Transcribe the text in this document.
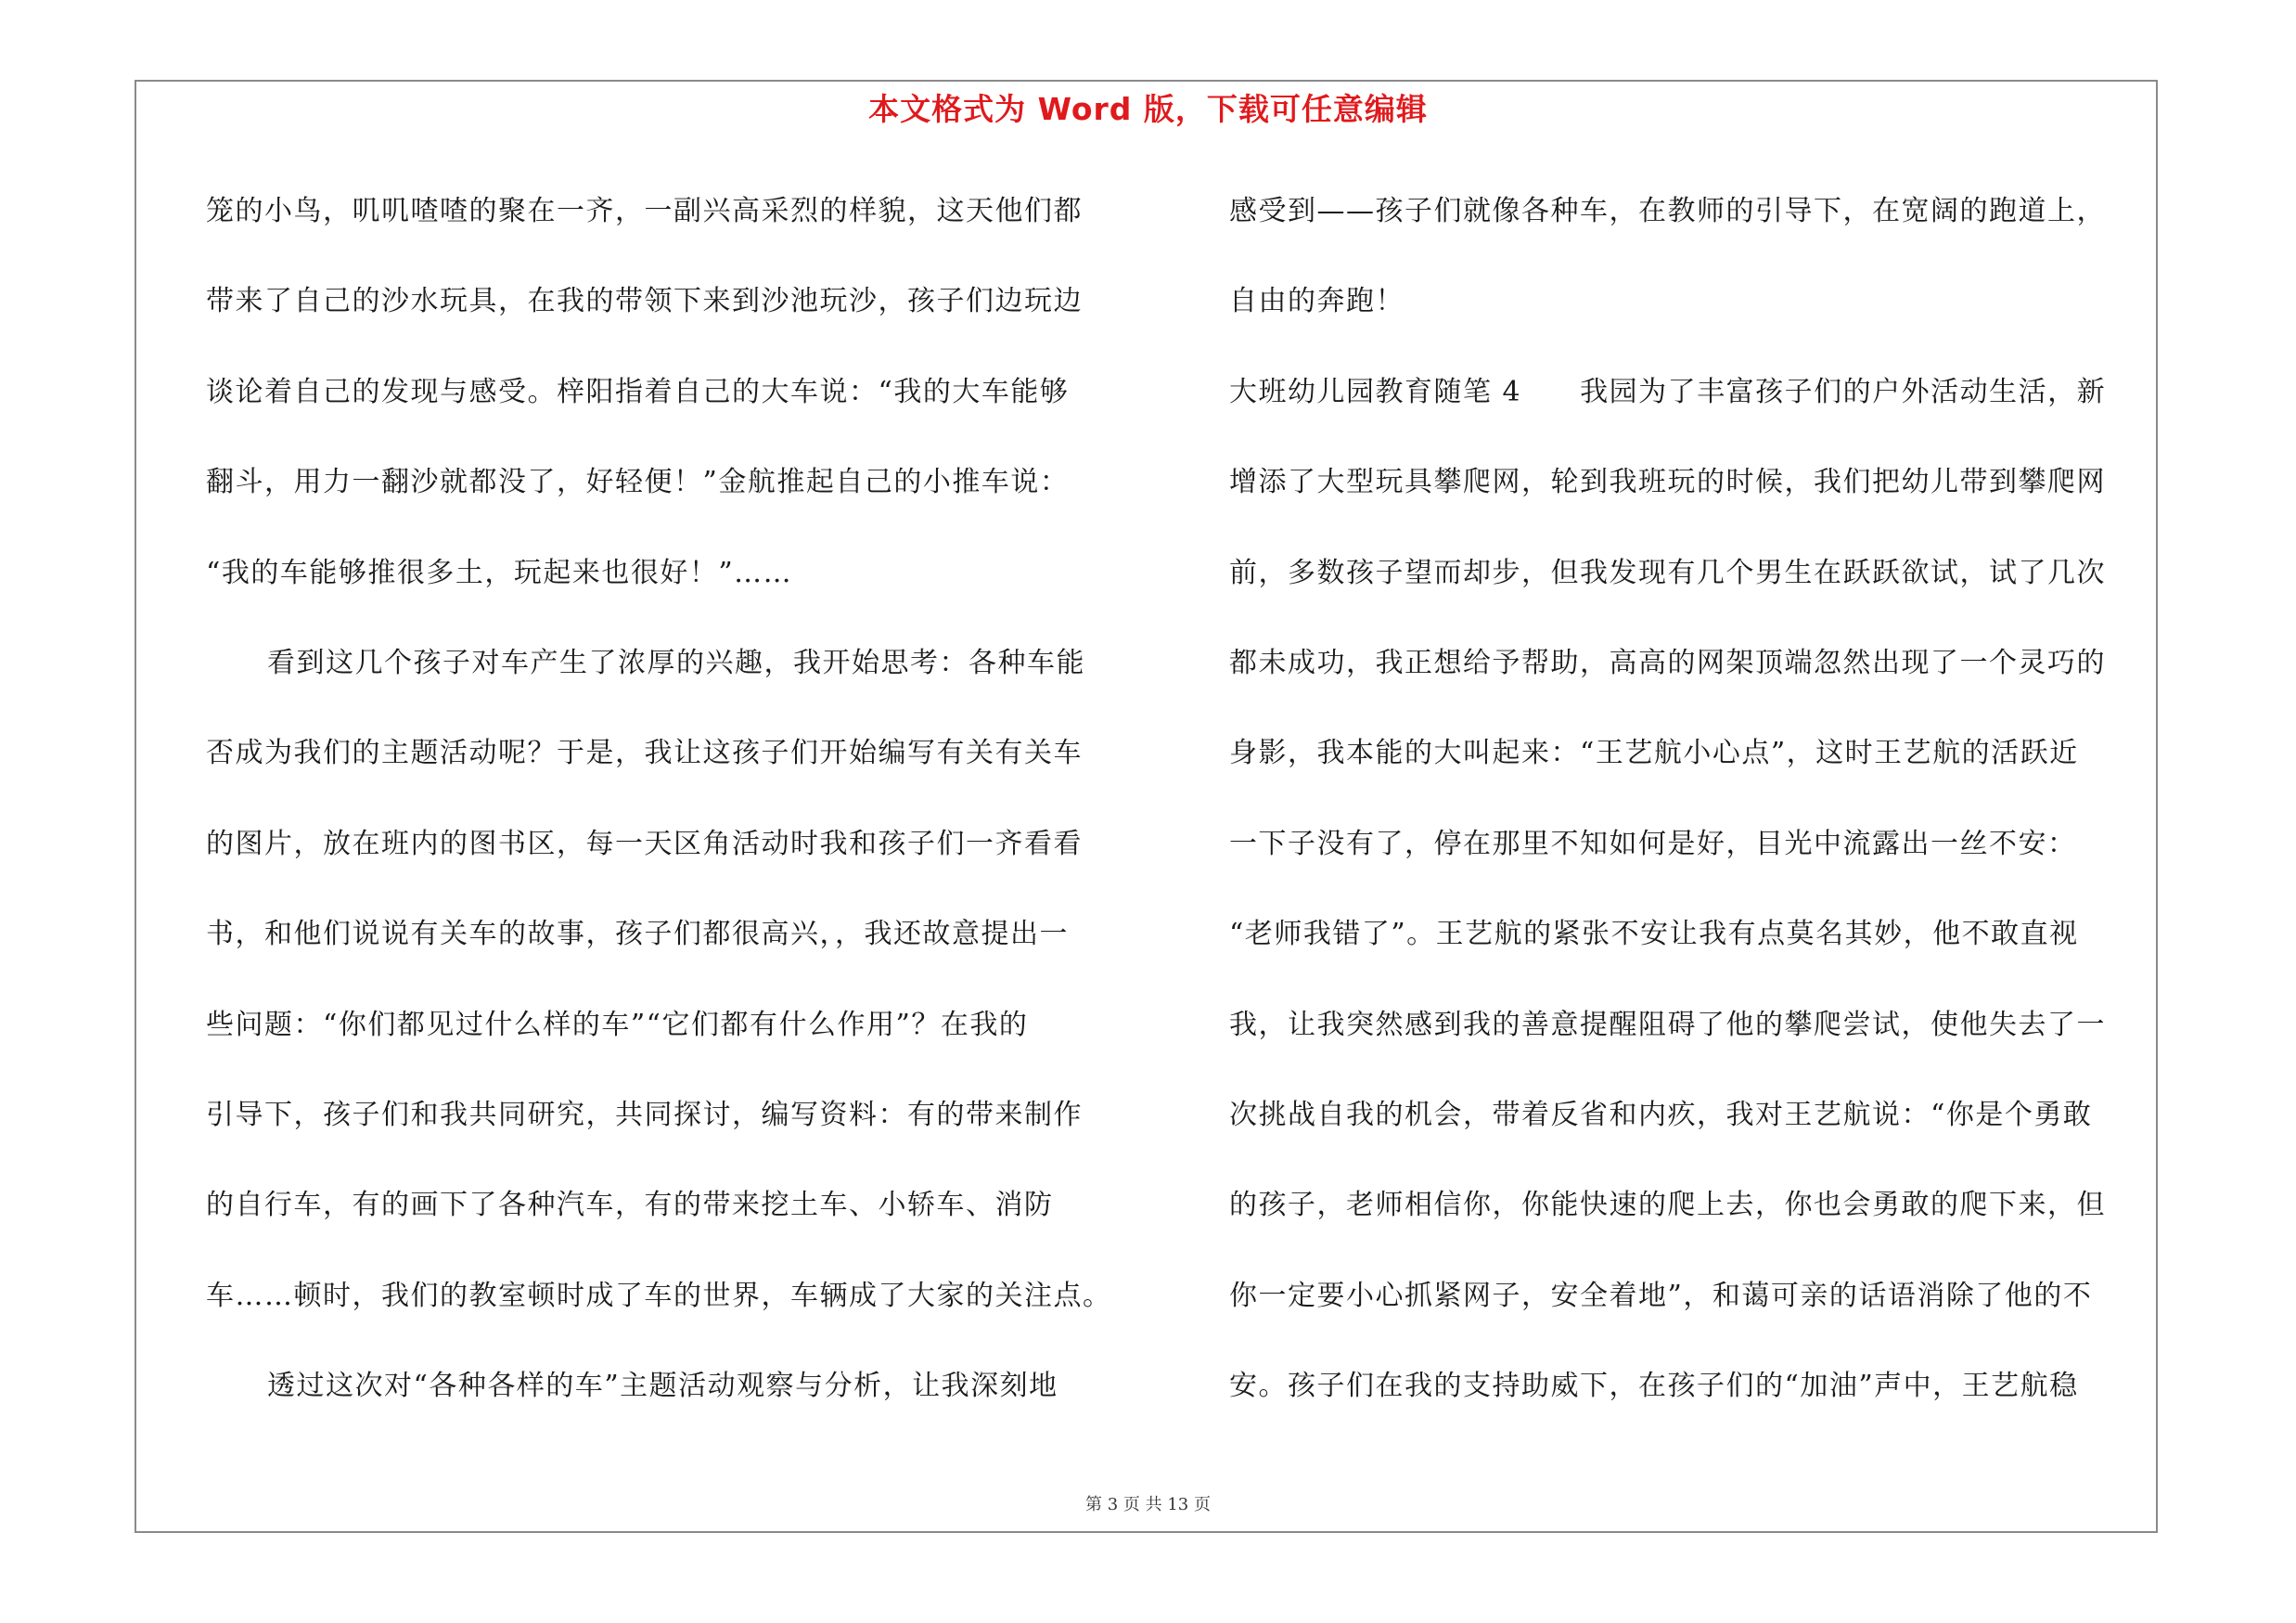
本文格式为 Word 版，下载可任意编辑
笼的小鸟，叽叽喳喳的聚在一齐，一副兴高采烈的样貌，这天他们都
带来了自己的沙水玩具，在我的带领下来到沙池玩沙，孩子们边玩边
谈论着自己的发现与感受。梓阳指着自己的大车说：“我的大车能够
翻斗，用力一翻沙就都没了，好轻便！”金航推起自己的小推车说：
“我的车能够推很多土，玩起来也很好！”……
看到这几个孩子对车产生了浓厚的兴趣，我开始思考：各种车能
否成为我们的主题活动呢？于是，我让这孩子们开始编写有关有关车
的图片，放在班内的图书区，每一天区角活动时我和孩子们一齐看看
书，和他们说说有关车的故事，孩子们都很高兴，，我还故意提出一
些问题：“你们都见过什么样的车”“它们都有什么作用”？在我的
引导下，孩子们和我共同研究，共同探讨，编写资料：有的带来制作
的自行车，有的画下了各种汽车，有的带来挖土车、小轿车、消防
车……顿时，我们的教室顿时成了车的世界，车辆成了大家的关注点。
透过这次对“各种各样的车”主题活动观察与分析，让我深刻地
感受到——孩子们就像各种车，在教师的引导下，在宽阔的跑道上，
自由的奔跑！
大班幼儿园教育随笔 4　　我园为了丰富孩子们的户外活动生活，新
增添了大型玩具攀爬网，轮到我班玩的时候，我们把幼儿带到攀爬网
前，多数孩子望而却步，但我发现有几个男生在跃跃欲试，试了几次
都未成功，我正想给予帮助，高高的网架顶端忽然出现了一个灵巧的
身影，我本能的大叫起来：“王艺航小心点”，这时王艺航的活跃近
一下子没有了，停在那里不知如何是好，目光中流露出一丝不安：
“老师我错了”。王艺航的紧张不安让我有点莫名其妙，他不敢直视
我，让我突然感到我的善意提醒阻碍了他的攀爬尝试，使他失去了一
次挑战自我的机会，带着反省和内疚，我对王艺航说：“你是个勇敢
的孩子，老师相信你，你能快速的爬上去，你也会勇敢的爬下来，但
你一定要小心抓紧网子，安全着地”，和蔼可亲的话语消除了他的不
安。孩子们在我的支持助威下，在孩子们的“加油”声中，王艺航稳
第 3 页 共 13 页
